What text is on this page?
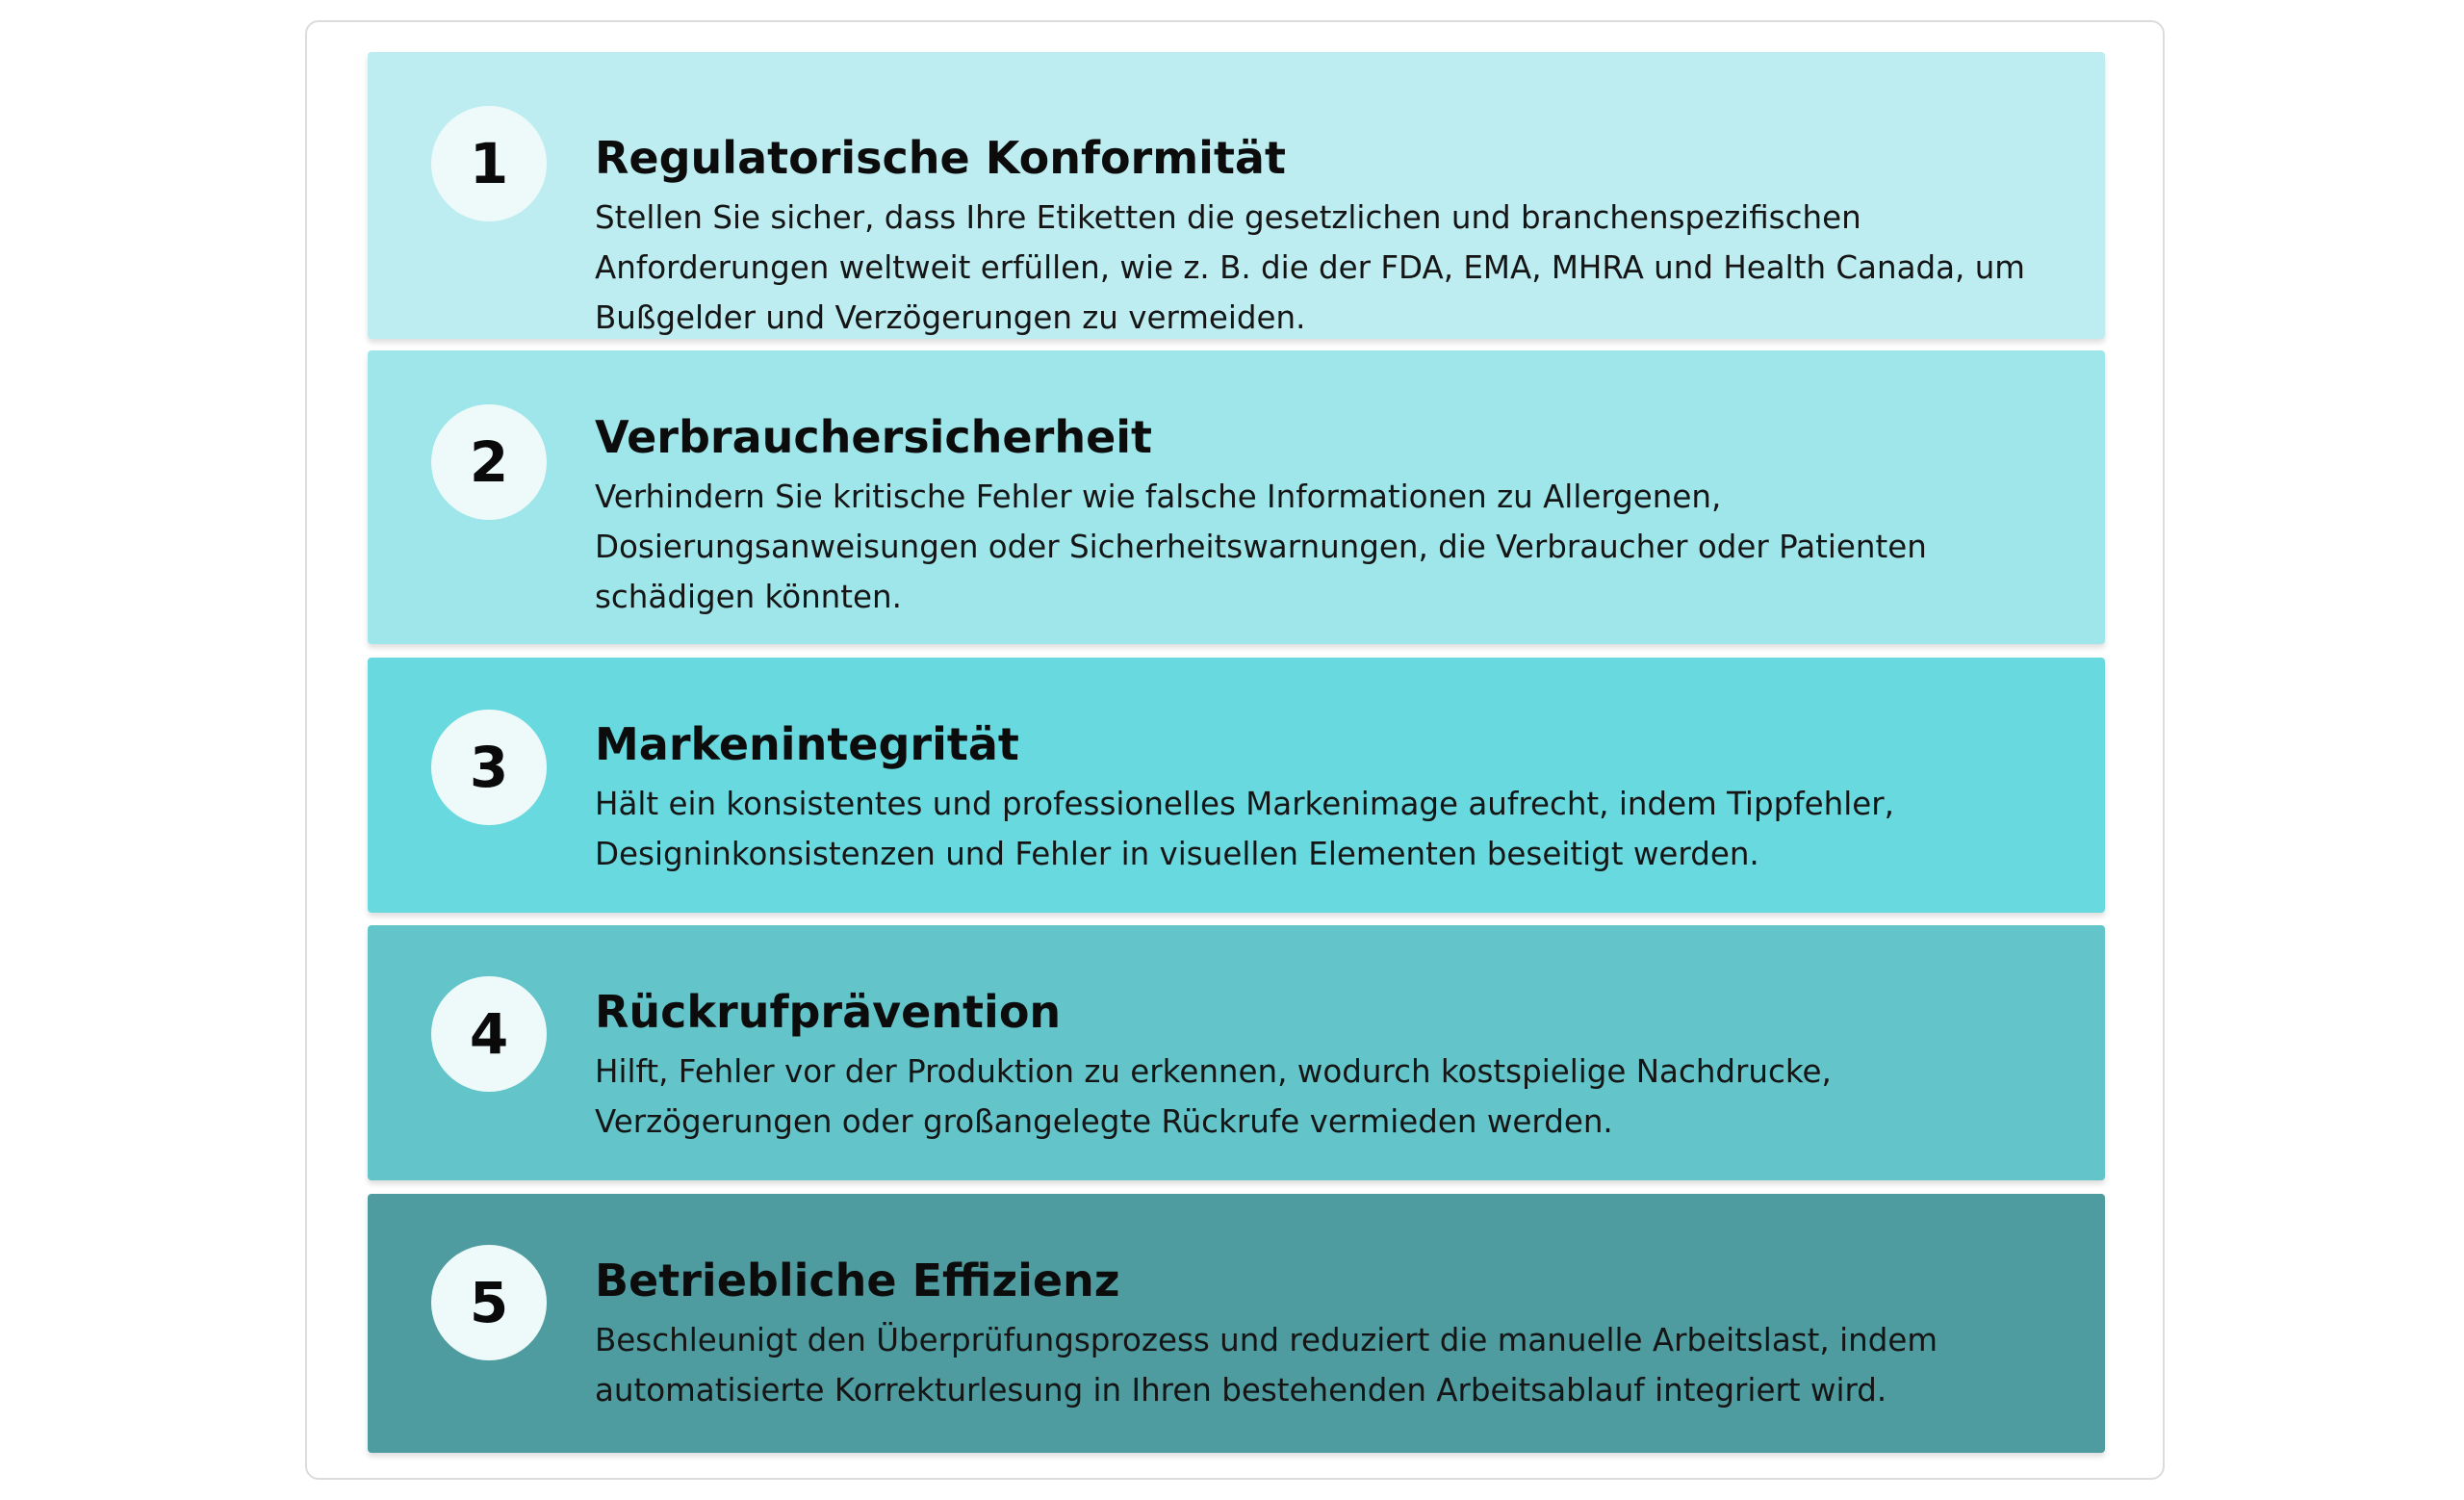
1	Regulatorische Konformität

Stellen Sie sicher, dass Ihre Etiketten die gesetzlichen und branchenspezifischen Anforderungen weltweit erfüllen, wie z. B. die der FDA, EMA, MHRA und Health Canada, um Bußgelder und Verzögerungen zu vermeiden.

2	Verbrauchersicherheit

Verhindern Sie kritische Fehler wie falsche Informationen zu Allergenen, Dosierungsanweisungen oder Sicherheitswarnungen, die Verbraucher oder Patienten schädigen könnten.

3	Markenintegrität

Hält ein konsistentes und professionelles Markenimage aufrecht, indem Tippfehler, Designinkonsistenzen und Fehler in visuellen Elementen beseitigt werden.

4	Rückrufprävention

Hilft, Fehler vor der Produktion zu erkennen, wodurch kostspielige Nachdrucke, Verzögerungen oder großangelegte Rückrufe vermieden werden.

5	Betriebliche Effizienz

Beschleunigt den Überprüfungsprozess und reduziert die manuelle Arbeitslast, indem automatisierte Korrekturlesung in Ihren bestehenden Arbeitsablauf integriert wird.
